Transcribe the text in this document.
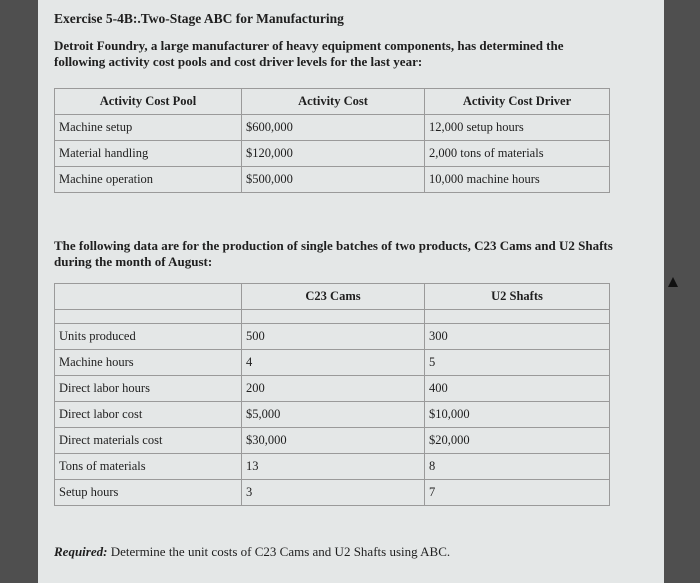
Exercise 5-4B:.Two-Stage ABC for Manufacturing
Detroit Foundry, a large manufacturer of heavy equipment components, has determined the following activity cost pools and cost driver levels for the last year:
Activity Cost Pool	Activity Cost	Activity Cost Driver
Machine setup	$600,000	12,000 setup hours
Material handling	$120,000	2,000 tons of materials
Machine operation	$500,000	10,000 machine hours
The following data are for the production of single batches of two products, C23 Cams and U2 Shafts during the month of August:
	C23 Cams	U2 Shafts

Units produced	500	300
Machine hours	4	5
Direct labor hours	200	400
Direct labor cost	$5,000	$10,000
Direct materials cost	$30,000	$20,000
Tons of materials	13	8
Setup hours	3	7
Required: Determine the unit costs of C23 Cams and U2 Shafts using ABC.
